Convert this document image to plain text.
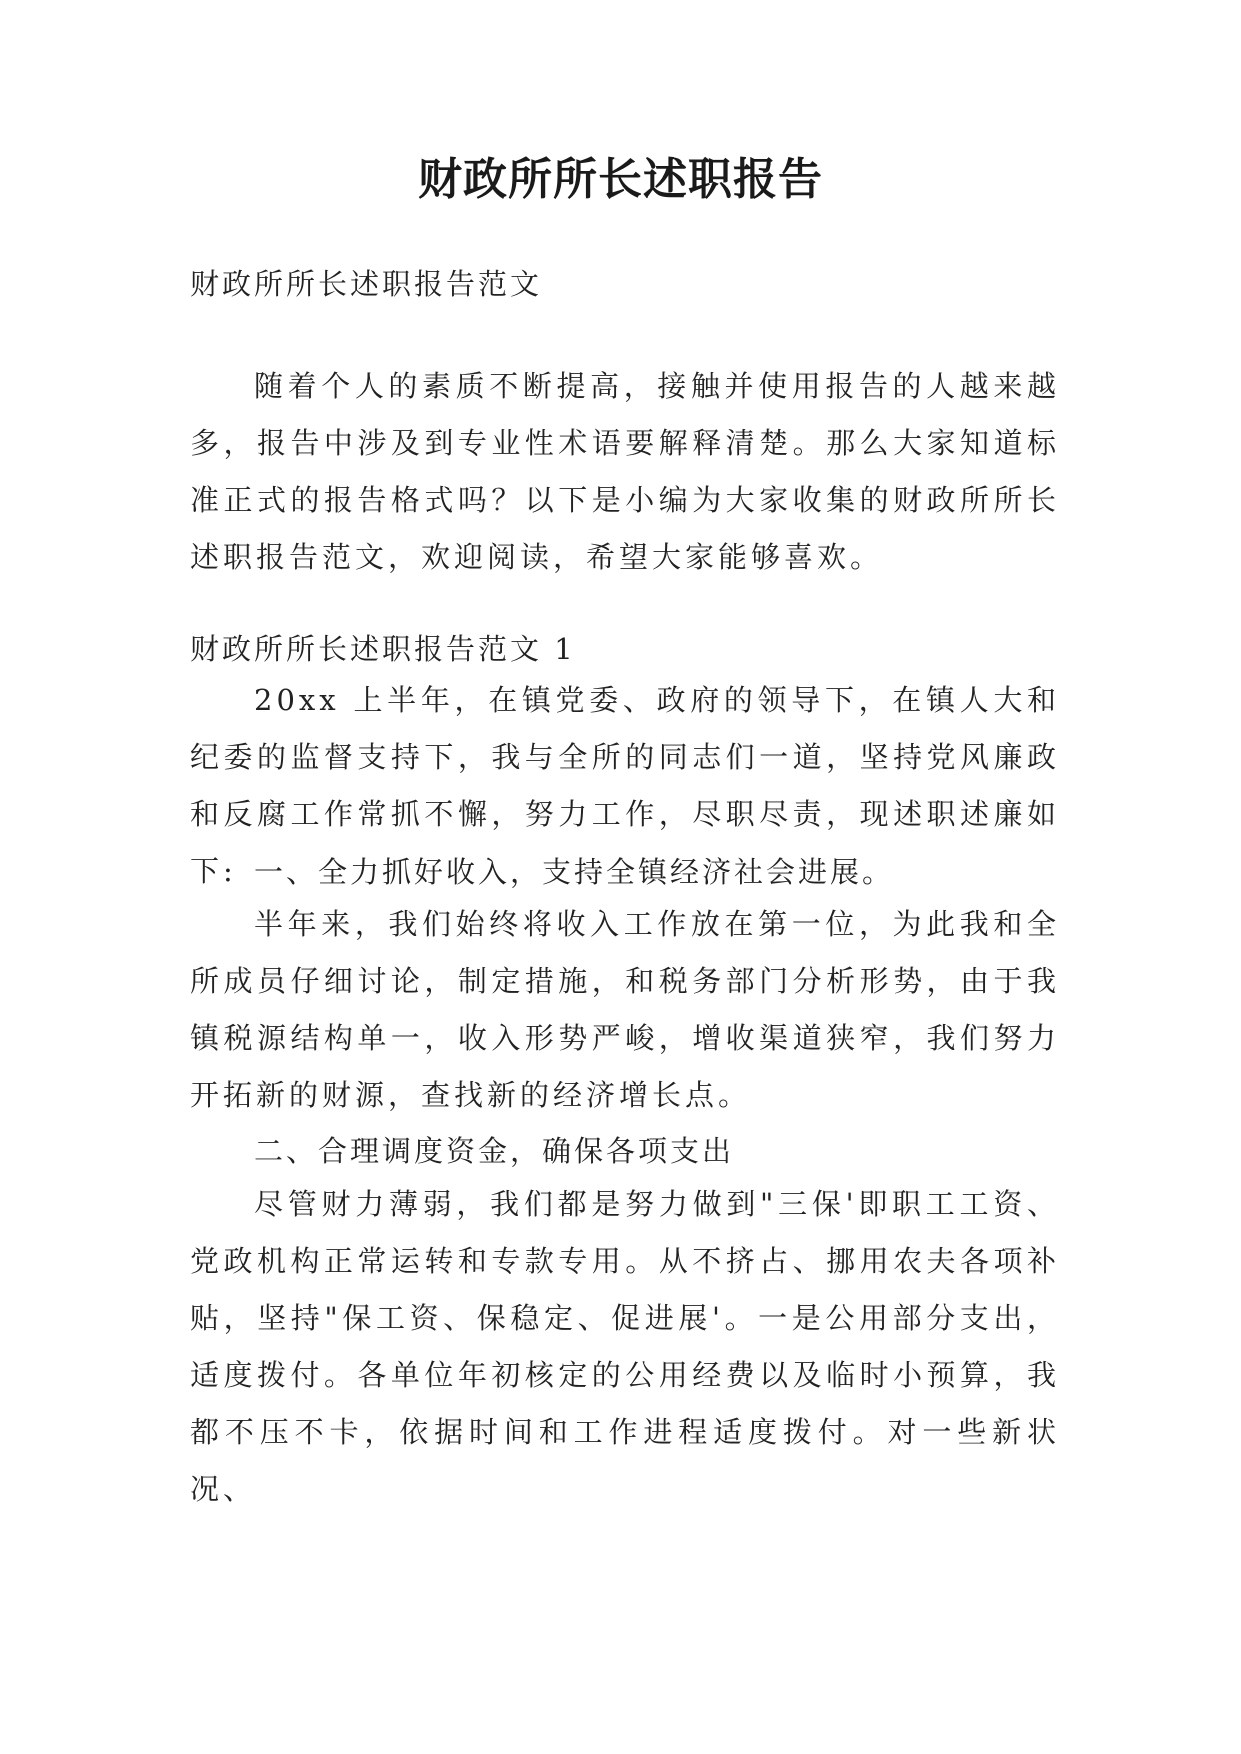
财政所所长述职报告
财政所所长述职报告范文
随着个人的素质不断提高，接触并使用报告的人越来越多，报告中涉及到专业性术语要解释清楚。那么大家知道标准正式的报告格式吗？以下是小编为大家收集的财政所所长述职报告范文，欢迎阅读，希望大家能够喜欢。
财政所所长述职报告范文 1
20xx 上半年，在镇党委、政府的领导下，在镇人大和纪委的监督支持下，我与全所的同志们一道，坚持党风廉政和反腐工作常抓不懈，努力工作，尽职尽责，现述职述廉如下: 一、全力抓好收入，支持全镇经济社会进展。
半年来，我们始终将收入工作放在第一位，为此我和全所成员仔细讨论，制定措施，和税务部门分析形势，由于我镇税源结构单一，收入形势严峻，增收渠道狭窄，我们努力开拓新的财源，查找新的经济增长点。
二、合理调度资金，确保各项支出
尽管财力薄弱，我们都是努力做到"三保'即职工工资、党政机构正常运转和专款专用。从不挤占、挪用农夫各项补贴，坚持"保工资、保稳定、促进展'。一是公用部分支出，适度拨付。各单位年初核定的公用经费以及临时小预算，我都不压不卡，依据时间和工作进程适度拨付。对一些新状况、
